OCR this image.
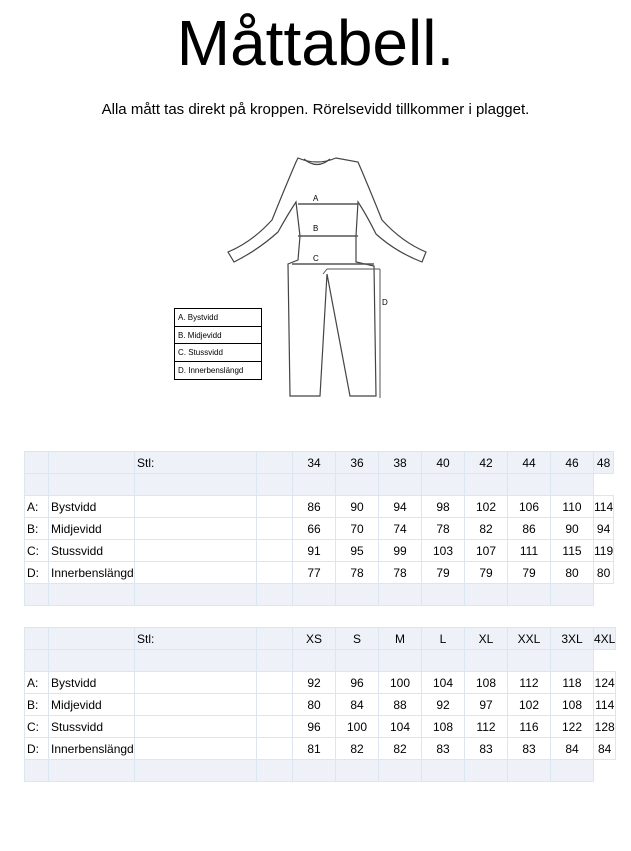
Måttabell.
Alla mått tas direkt på kroppen. Rörelsevidd tillkommer i plagget.
A
B
C
D
A. Bystvidd
B. Midjevidd
C. Stussvidd
D. Innerbenslängd
		Stl:		34	36	38	40	42	44	46	48

A:	Bystvidd			86	90	94	98	102	106	110	114
B:	Midjevidd			66	70	74	78	82	86	90	94
C:	Stussvidd			91	95	99	103	107	111	115	119
D:	Innerbenslängd			77	78	78	79	79	79	80	80

		Stl:		XS	S	M	L	XL	XXL	3XL	4XL

A:	Bystvidd			92	96	100	104	108	112	118	124
B:	Midjevidd			80	84	88	92	97	102	108	114
C:	Stussvidd			96	100	104	108	112	116	122	128
D:	Innerbenslängd			81	82	82	83	83	83	84	84
